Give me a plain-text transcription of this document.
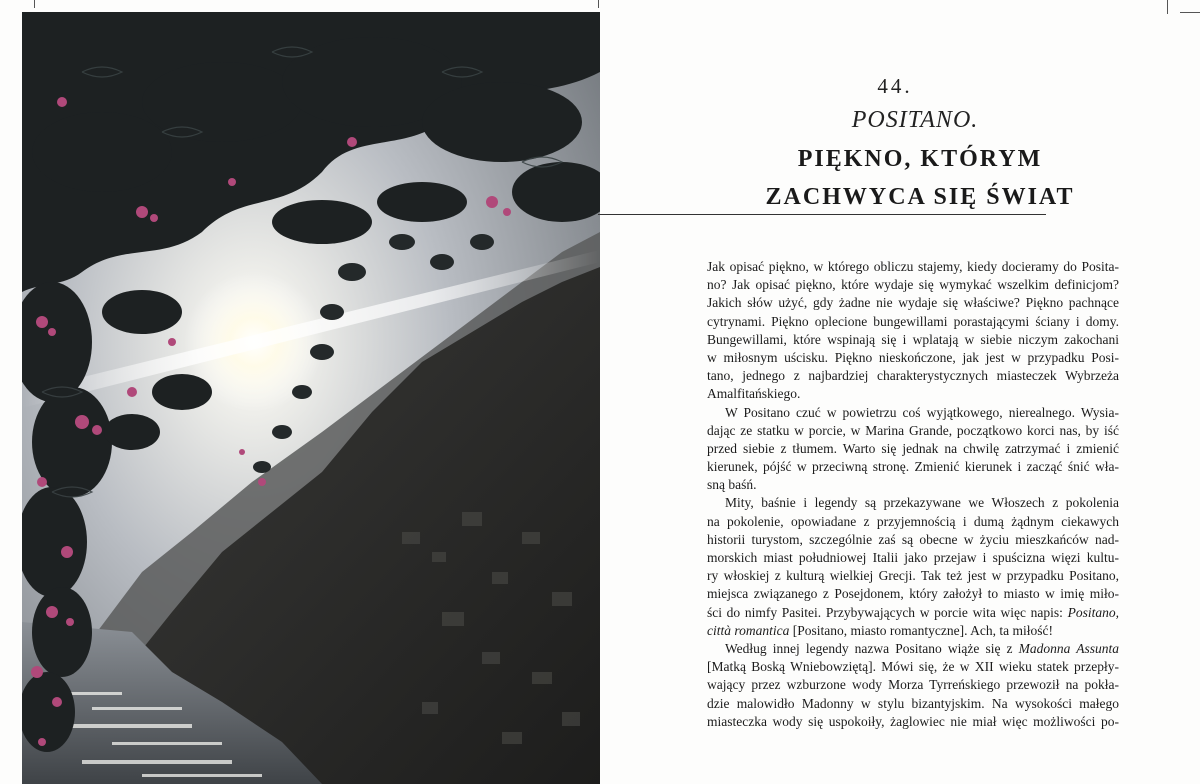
44.
POSITANO.
PIĘKNO, KTÓRYM
ZACHWYCA SIĘ ŚWIAT
Jak opisać piękno, w którego obliczu stajemy, kiedy docieramy do Posita-
no? Jak opisać piękno, które wydaje się wymykać wszelkim definicjom?
Jakich słów użyć, gdy żadne nie wydaje się właściwe? Piękno pachnące
cytrynami. Piękno oplecione bungewillami porastającymi ściany i domy.
Bungewillami, które wspinają się i wplatają w siebie niczym zakochani
w miłosnym uścisku. Piękno nieskończone, jak jest w przypadku Posi-
tano, jednego z najbardziej charakterystycznych miasteczek Wybrzeża
Amalfitańskiego.
W Positano czuć w powietrzu coś wyjątkowego, nierealnego. Wysia-
dając ze statku w porcie, w Marina Grande, początkowo korci nas, by iść
przed siebie z tłumem. Warto się jednak na chwilę zatrzymać i zmienić
kierunek, pójść w przeciwną stronę. Zmienić kierunek i zacząć śnić wła-
sną baśń.
Mity, baśnie i legendy są przekazywane we Włoszech z pokolenia
na pokolenie, opowiadane z przyjemnością i dumą żądnym ciekawych
historii turystom, szczególnie zaś są obecne w życiu mieszkańców nad-
morskich miast południowej Italii jako przejaw i spuścizna więzi kultu-
ry włoskiej z kulturą wielkiej Grecji. Tak też jest w przypadku Positano,
miejsca związanego z Posejdonem, który założył to miasto w imię miło-
ści do nimfy Pasitei. Przybywających w porcie wita więc napis: Positano,
città romantica [Positano, miasto romantyczne]. Ach, ta miłość!
Według innej legendy nazwa Positano wiąże się z Madonna Assunta
[Matką Boską Wniebowziętą]. Mówi się, że w XII wieku statek przepły-
wający przez wzburzone wody Morza Tyrreńskiego przewoził na pokła-
dzie malowidło Madonny w stylu bizantyjskim. Na wysokości małego
miasteczka wody się uspokoiły, żaglowiec nie miał więc możliwości po-
